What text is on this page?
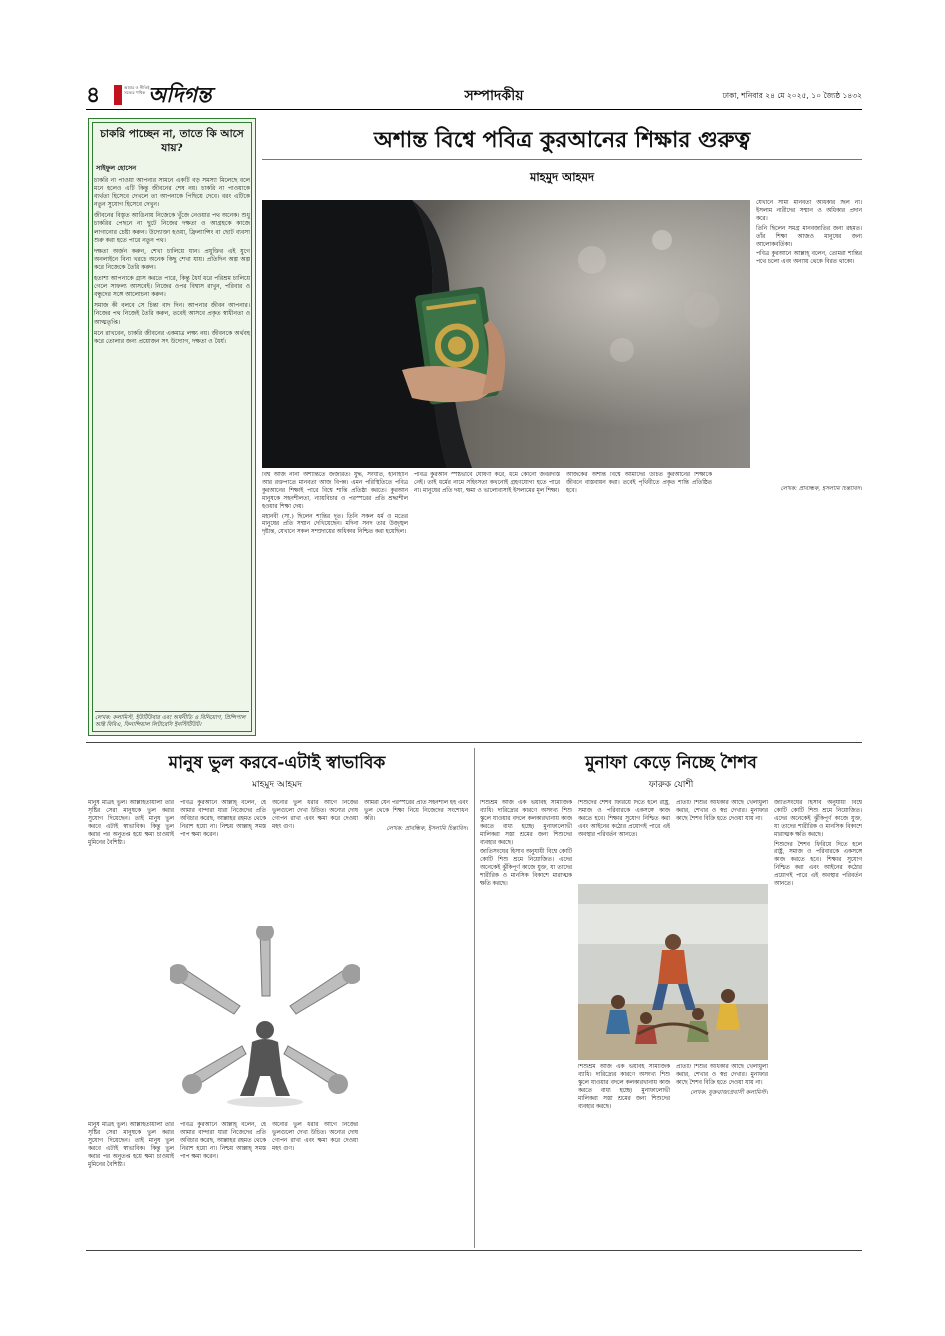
৪	আমার ও নীতিই সত্যের পথিক অদিগন্ত	সম্পাদকীয়	ঢাকা, শনিবার ২৪ মে ২০২৫, ১০ জ্যৈষ্ঠ ১৪৩২
চাকরি পাচ্ছেন না, তাতে কি আসে যায়?
সাইফুল হোসেন

চাকরি না পাওয়া আপনার সামনে একটি বড় সমস্যা মিলেছে বলে মনে হলেও এটি কিন্তু জীবনের শেষ নয়। চাকরি না পাওয়াকে ব্যর্থতা হিসেবে দেখলে তা আপনাকে পিছিয়ে দেবে। বরং এটিকে নতুন সুযোগ হিসেবে দেখুন।

জীবনের বিস্তৃত আঙিনায় নিজেকে খুঁজে নেওয়ার পথ অনেক। শুধু চাকরির পেছনে না ছুটে নিজের দক্ষতা ও আগ্রহকে কাজে লাগানোর চেষ্টা করুন। উদ্যোক্তা হওয়া, ফ্রিল্যান্সিং বা ছোট ব্যবসা শুরু করা হতে পারে নতুন পথ।

দক্ষতা অর্জন করুন, শেখা চালিয়ে যান। প্রযুক্তির এই যুগে অনলাইনে বিনা খরচে অনেক কিছু শেখা যায়। প্রতিদিন অল্প অল্প করে নিজেকে তৈরি করুন।

হতাশা আপনাকে গ্রাস করতে পারে, কিন্তু ধৈর্য ধরে পরিশ্রম চালিয়ে গেলে সাফল্য আসবেই। নিজের ওপর বিশ্বাস রাখুন, পরিবার ও বন্ধুদের সঙ্গে আলোচনা করুন।

সমাজ কী বলবে সে চিন্তা বাদ দিন। আপনার জীবন আপনার। নিজের পথ নিজেই তৈরি করুন, তবেই আসবে প্রকৃত স্বাধীনতা ও আত্মতৃপ্তি।

মনে রাখবেন, চাকরি জীবনের একমাত্র লক্ষ্য নয়। জীবনকে অর্থবহ করে তোলার জন্য প্রয়োজন সৎ উদ্যোগ, দক্ষতা ও ধৈর্য।

লেখক: কলামিস্ট, ইউটিউবার এবং অর্থনীতি ও বিনিয়োগ, প্রিন্সিপাল আক্ট বিবিএ, ফিনান্সিয়াল লিটারেসি ইনস্টিটিউট।
অশান্ত বিশ্বে পবিত্র কুরআনের শিক্ষার গুরুত্ব
মাহমুদ আহমদ

যেখানে সাম্য মানবতা অধিকার ছিল না। ইসলাম নারীদের সম্মান ও অধিকার প্রদান করে।

তিনি ছিলেন সমগ্র মানবজাতির জন্য রহমত। তাঁর শিক্ষা আজও মানুষের জন্য আলোকবর্তিকা।

পবিত্র কুরআনে আল্লাহ্ বলেন, তোমরা শান্তির পথে চলো এবং অন্যায় থেকে বিরত থাকো।

বিশ্ব আজ নানা অশান্তিতে জর্জরিত। যুদ্ধ, সংঘাত, হানাহানি আর রক্তপাতে মানবতা আজ বিপন্ন। এমন পরিস্থিতিতে পবিত্র কুরআনের শিক্ষাই পারে বিশ্বে শান্তি প্রতিষ্ঠা করতে। কুরআন মানুষকে সহনশীলতা, ন্যায়বিচার ও পরস্পরের প্রতি শ্রদ্ধাশীল হওয়ার শিক্ষা দেয়।

মহানবী (সা.) ছিলেন শান্তির দূত। তিনি সকল ধর্ম ও মতের মানুষের প্রতি সম্মান দেখিয়েছেন। মদিনা সনদ তার উজ্জ্বল দৃষ্টান্ত, যেখানে সকল সম্প্রদায়ের অধিকার নিশ্চিত করা হয়েছিল।

পবিত্র কুরআন স্পষ্টভাবে ঘোষণা করে, ধর্মে কোনো জবরদস্তি নেই। তাই ধর্মের নামে সহিংসতা কখনোই গ্রহণযোগ্য হতে পারে না। মানুষের প্রতি দয়া, ক্ষমা ও ভালোবাসাই ইসলামের মূল শিক্ষা।

আজকের অশান্ত বিশ্বে আমাদের উচিত কুরআনের শিক্ষাকে জীবনে বাস্তবায়ন করা। তবেই পৃথিবীতে প্রকৃত শান্তি প্রতিষ্ঠিত হবে।	লেখক: প্রাবন্ধিক, ইসলামি চিন্তাবিদ।

মানুষ ভুল করবে-এটাই স্বাভাবিক
মাহমুদ আহমদ

মানুষ মাত্রই ভুল। আল্লাহতায়ালা তাঁর সৃষ্টির সেরা মানুষকে ভুল করার সুযোগ দিয়েছেন। তাই মানুষ ভুল করবে এটাই স্বাভাবিক। কিন্তু ভুল করার পর অনুতপ্ত হয়ে ক্ষমা চাওয়াই মুমিনের বৈশিষ্ট্য।

পবিত্র কুরআনে আল্লাহ্ বলেন, হে আমার বান্দারা যারা নিজেদের প্রতি অবিচার করেছ, আল্লাহর রহমত থেকে নিরাশ হয়ো না। নিশ্চয় আল্লাহ্ সমস্ত পাপ ক্ষমা করেন।

অন্যের ভুল ধরার আগে নিজের ভুলগুলো দেখা উচিত। অন্যের দোষ গোপন রাখা এবং ক্ষমা করে দেওয়া মহৎ গুণ।

আমরা যেন পরস্পরের প্রতি সহনশীল হই এবং ভুল থেকে শিক্ষা নিয়ে নিজেদের সংশোধন করি।

লেখক: প্রাবন্ধিক, ইসলামি চিন্তাবিদ।

মানুষ মাত্রই ভুল। আল্লাহতায়ালা তাঁর সৃষ্টির সেরা মানুষকে ভুল করার সুযোগ দিয়েছেন। তাই মানুষ ভুল করবে এটাই স্বাভাবিক। কিন্তু ভুল করার পর অনুতপ্ত হয়ে ক্ষমা চাওয়াই মুমিনের বৈশিষ্ট্য।

পবিত্র কুরআনে আল্লাহ্ বলেন, হে আমার বান্দারা যারা নিজেদের প্রতি অবিচার করেছ, আল্লাহর রহমত থেকে নিরাশ হয়ো না। নিশ্চয় আল্লাহ্ সমস্ত পাপ ক্ষমা করেন।

অন্যের ভুল ধরার আগে নিজের ভুলগুলো দেখা উচিত। অন্যের দোষ গোপন রাখা এবং ক্ষমা করে দেওয়া মহৎ গুণ।

মুনাফা কেড়ে নিচ্ছে শৈশব
ফারুক যোশী

শিশুশ্রম আজ এক ভয়াবহ সামাজিক ব্যাধি। দারিদ্র্যের কারণে অসংখ্য শিশু স্কুলে যাওয়ার বদলে কলকারখানায় কাজ করতে বাধ্য হচ্ছে। মুনাফালোভী মালিকরা সস্তা শ্রমের জন্য শিশুদের ব্যবহার করছে।

জাতিসংঘের হিসাব অনুযায়ী বিশ্বে কোটি কোটি শিশু শ্রমে নিয়োজিত। এদের অনেকেই ঝুঁকিপূর্ণ কাজে যুক্ত, যা তাদের শারীরিক ও মানসিক বিকাশে মারাত্মক ক্ষতি করছে।

শিশুদের শৈশব ফিরিয়ে দিতে হলে রাষ্ট্র, সমাজ ও পরিবারকে একসঙ্গে কাজ করতে হবে। শিক্ষার সুযোগ নিশ্চিত করা এবং আইনের কঠোর প্রয়োগই পারে এই অবস্থার পরিবর্তন আনতে।

প্রতিটি শিশুর অধিকার আছে খেলাধুলা করার, শেখার ও স্বপ্ন দেখার। মুনাফার কাছে শৈশব বিক্রি হতে দেওয়া যায় না।

জাতিসংঘের হিসাব অনুযায়ী বিশ্বে কোটি কোটি শিশু শ্রমে নিয়োজিত। এদের অনেকেই ঝুঁকিপূর্ণ কাজে যুক্ত, যা তাদের শারীরিক ও মানসিক বিকাশে মারাত্মক ক্ষতি করছে।

শিশুদের শৈশব ফিরিয়ে দিতে হলে রাষ্ট্র, সমাজ ও পরিবারকে একসঙ্গে কাজ করতে হবে। শিক্ষার সুযোগ নিশ্চিত করা এবং আইনের কঠোর প্রয়োগই পারে এই অবস্থার পরিবর্তন আনতে।

শিশুশ্রম আজ এক ভয়াবহ সামাজিক ব্যাধি। দারিদ্র্যের কারণে অসংখ্য শিশু স্কুলে যাওয়ার বদলে কলকারখানায় কাজ করতে বাধ্য হচ্ছে। মুনাফালোভী মালিকরা সস্তা শ্রমের জন্য শিশুদের ব্যবহার করছে।

প্রতিটি শিশুর অধিকার আছে খেলাধুলা করার, শেখার ও স্বপ্ন দেখার। মুনাফার কাছে শৈশব বিক্রি হতে দেওয়া যায় না।

লেখক: যুক্তরাজ্যপ্রবাসী কলামিস্ট।
